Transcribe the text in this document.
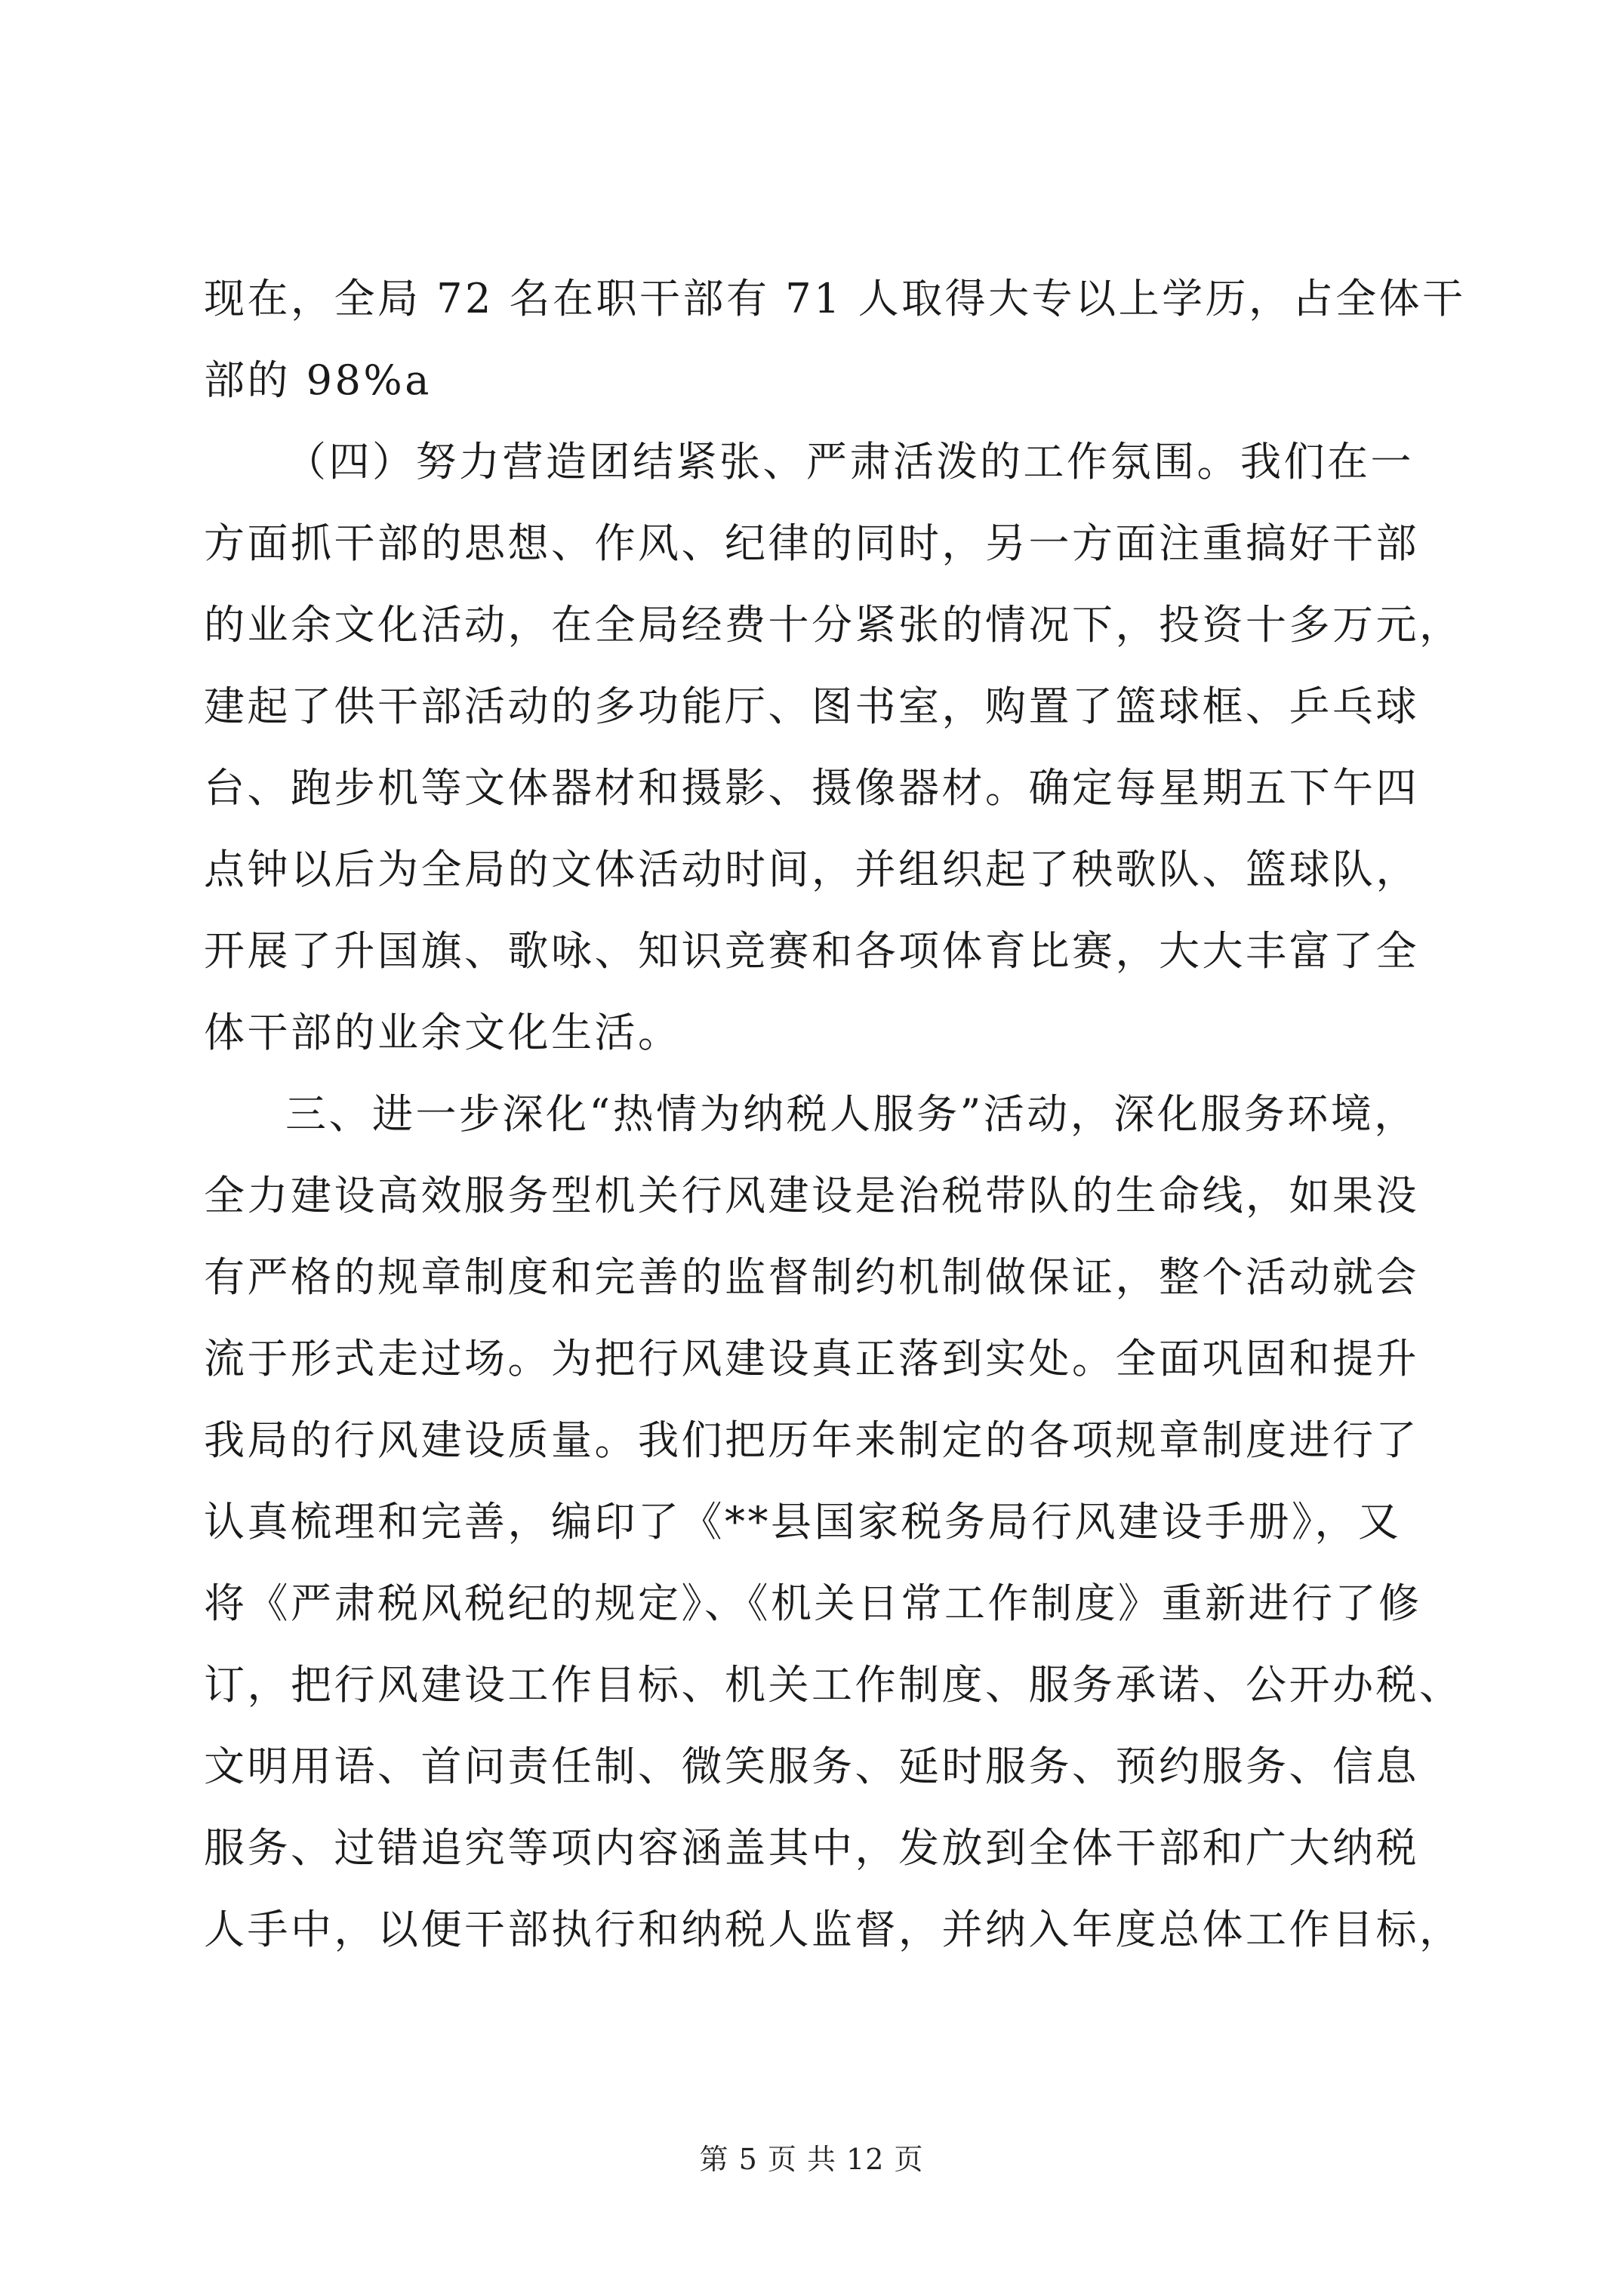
现在，全局 72 名在职干部有 71 人取得大专以上学历，占全体干
部的 98%a
（四）努力营造团结紧张、严肃活泼的工作氛围。我们在一
方面抓干部的思想、作风、纪律的同时，另一方面注重搞好干部
的业余文化活动，在全局经费十分紧张的情况下，投资十多万元，
建起了供干部活动的多功能厅、图书室，购置了篮球框、乒乓球
台、跑步机等文体器材和摄影、摄像器材。确定每星期五下午四
点钟以后为全局的文体活动时间，并组织起了秧歌队、篮球队，
开展了升国旗、歌咏、知识竞赛和各项体育比赛，大大丰富了全
体干部的业余文化生活。
三、进一步深化“热情为纳税人服务”活动，深化服务环境，
全力建设高效服务型机关行风建设是治税带队的生命线，如果没
有严格的规章制度和完善的监督制约机制做保证，整个活动就会
流于形式走过场。为把行风建设真正落到实处。全面巩固和提升
我局的行风建设质量。我们把历年来制定的各项规章制度进行了
认真梳理和完善，编印了《**县国家税务局行风建设手册》，又
将《严肃税风税纪的规定》、《机关日常工作制度》重新进行了修
订，把行风建设工作目标、机关工作制度、服务承诺、公开办税、
文明用语、首问责任制、微笑服务、延时服务、预约服务、信息
服务、过错追究等项内容涵盖其中，发放到全体干部和广大纳税
人手中，以便干部执行和纳税人监督，并纳入年度总体工作目标，
第 5 页 共 12 页
